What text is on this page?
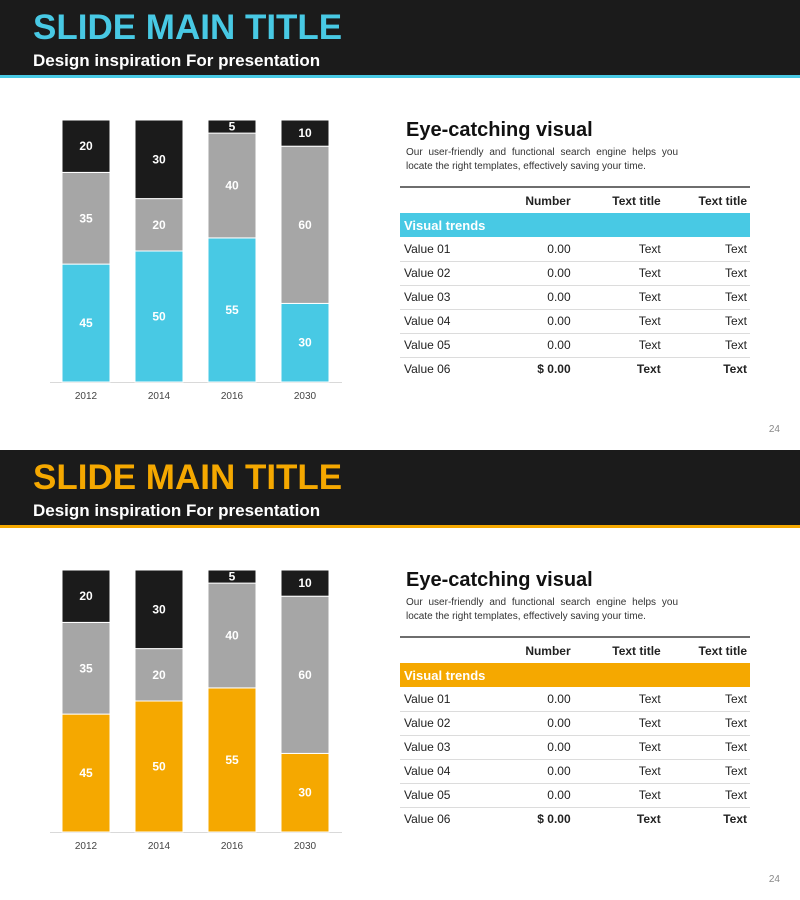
SLIDE MAIN TITLE
Design inspiration For presentation
45
35
20
2012
50
20
30
2014
55
40
5
2016
30
60
10
2030
Eye-catching visual
Our user-friendly and functional search engine helps you locate the right templates, effectively saving your time.
	Number	Text title	Text title
Visual trends			
Value 01	0.00	Text	Text
Value 02	0.00	Text	Text
Value 03	0.00	Text	Text
Value 04	0.00	Text	Text
Value 05	0.00	Text	Text
Value 06	$ 0.00	Text	Text
24
SLIDE MAIN TITLE
Design inspiration For presentation
45
35
20
2012
50
20
30
2014
55
40
5
2016
30
60
10
2030
Eye-catching visual
Our user-friendly and functional search engine helps you locate the right templates, effectively saving your time.
	Number	Text title	Text title
Visual trends			
Value 01	0.00	Text	Text
Value 02	0.00	Text	Text
Value 03	0.00	Text	Text
Value 04	0.00	Text	Text
Value 05	0.00	Text	Text
Value 06	$ 0.00	Text	Text
24
